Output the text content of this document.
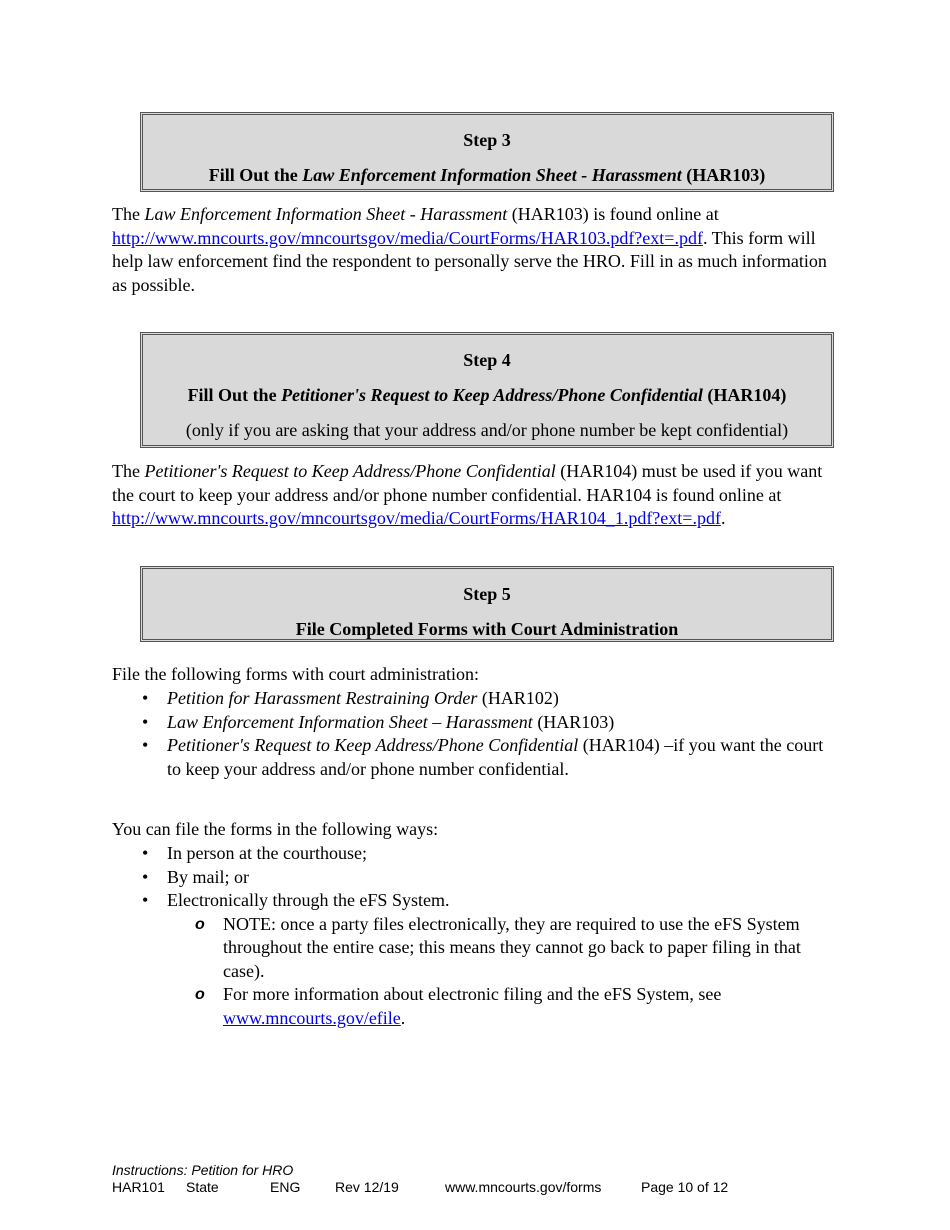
Step 3
Fill Out the Law Enforcement Information Sheet - Harassment (HAR103)

The Law Enforcement Information Sheet - Harassment (HAR103) is found online at http://www.mncourts.gov/mncourtsgov/media/CourtForms/HAR103.pdf?ext=.pdf. This form will help law enforcement find the respondent to personally serve the HRO. Fill in as much information as possible.

Step 4
Fill Out the Petitioner's Request to Keep Address/Phone Confidential (HAR104)
(only if you are asking that your address and/or phone number be kept confidential)

The Petitioner's Request to Keep Address/Phone Confidential (HAR104) must be used if you want the court to keep your address and/or phone number confidential. HAR104 is found online at http://www.mncourts.gov/mncourtsgov/media/CourtForms/HAR104_1.pdf?ext=.pdf.

Step 5
File Completed Forms with Court Administration

File the following forms with court administration:

• Petition for Harassment Restraining Order (HAR102)
• Law Enforcement Information Sheet – Harassment (HAR103)
• Petitioner's Request to Keep Address/Phone Confidential (HAR104) –if you want the court to keep your address and/or phone number confidential.

You can file the forms in the following ways:

• In person at the courthouse;
• By mail; or
• Electronically through the eFS System.
o NOTE: once a party files electronically, they are required to use the eFS System throughout the entire case; this means they cannot go back to paper filing in that case).
o For more information about electronic filing and the eFS System, see www.mncourts.gov/efile.
Instructions: Petition for HRO
HAR101 State	ENG Rev 12/19	www.mncourts.gov/forms	Page 10 of 12
